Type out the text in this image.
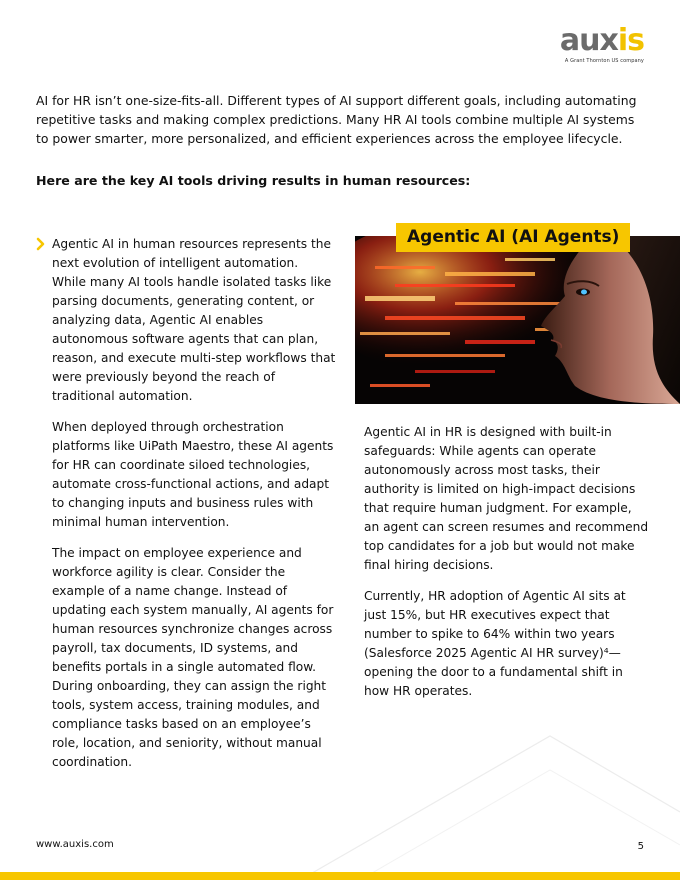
auxis
A Grant Thornton US company

AI for HR isn’t one-size-fits-all. Different types of AI support different goals, including automating repetitive tasks and making complex predictions. Many HR AI tools combine multiple AI systems to power smarter, more personalized, and efficient experiences across the employee lifecycle.

Here are the key AI tools driving results in human resources:

Agentic AI in human resources represents the next evolution of intelligent automation. While many AI tools handle isolated tasks like parsing documents, generating content, or analyzing data, Agentic AI enables autonomous software agents that can plan, reason, and execute multi-step workflows that were previously beyond the reach of traditional automation.

When deployed through orchestration platforms like UiPath Maestro, these AI agents for HR can coordinate siloed technologies, automate cross-functional actions, and adapt to changing inputs and business rules with minimal human intervention.

The impact on employee experience and workforce agility is clear. Consider the example of a name change. Instead of updating each system manually, AI agents for human resources synchronize changes across payroll, tax documents, ID systems, and benefits portals in a single automated flow. During onboarding, they can assign the right tools, system access, training modules, and compliance tasks based on an employee’s role, location, and seniority, without manual coordination.

Agentic AI (AI Agents)

Agentic AI in HR is designed with built-in safeguards: While agents can operate autonomously across most tasks, their authority is limited on high-impact decisions that require human judgment. For example, an agent can screen resumes and recommend top candidates for a job but would not make final hiring decisions.

Currently, HR adoption of Agentic AI sits at just 15%, but HR executives expect that number to spike to 64% within two years (Salesforce 2025 Agentic AI HR survey)⁴—opening the door to a fundamental shift in how HR operates.

www.auxis.com	5
